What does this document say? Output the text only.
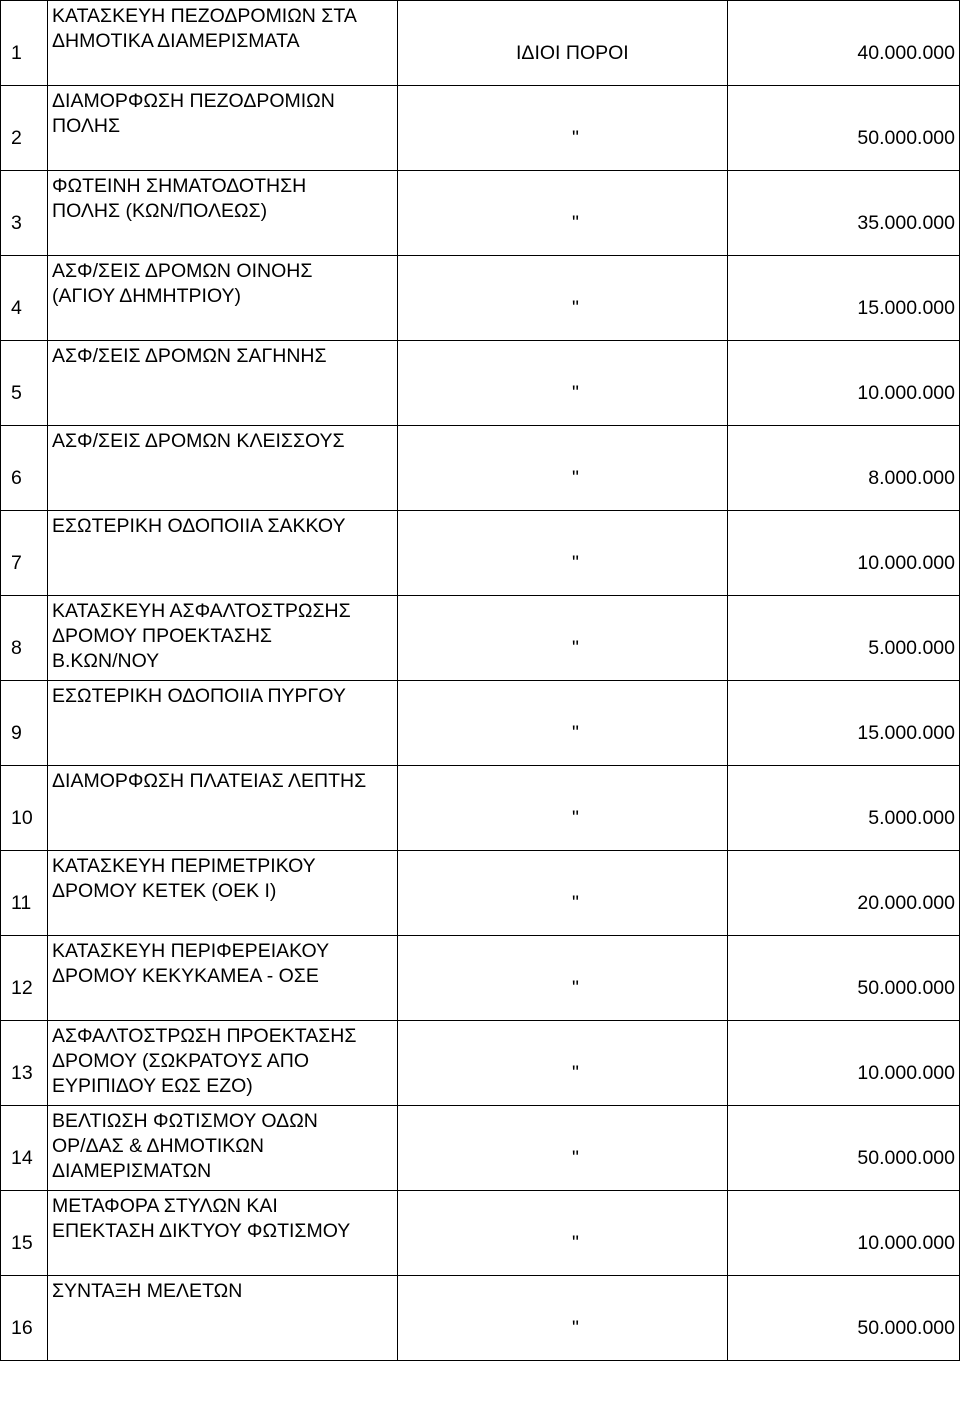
1	ΚΑΤΑΣΚΕΥΗ ΠΕΖΟΔΡΟΜΙΩΝ ΣΤΑ
ΔΗΜΟΤΙΚΑ ΔΙΑΜΕΡΙΣΜΑΤΑ	ΙΔΙΟΙ ΠΟΡΟΙ	40.000.000

2	ΔΙΑΜΟΡΦΩΣΗ ΠΕΖΟΔΡΟΜΙΩΝ
ΠΟΛΗΣ	"	50.000.000

3	ΦΩΤΕΙΝΗ ΣΗΜΑΤΟΔΟΤΗΣΗ
ΠΟΛΗΣ (ΚΩΝ/ΠΟΛΕΩΣ)	"	35.000.000

4	ΑΣΦ/ΣΕΙΣ ΔΡΟΜΩΝ ΟΙΝΟΗΣ
(ΑΓΙΟΥ ΔΗΜΗΤΡΙΟΥ)	"	15.000.000

5	ΑΣΦ/ΣΕΙΣ ΔΡΟΜΩΝ ΣΑΓΗΝΗΣ	"	10.000.000

6	ΑΣΦ/ΣΕΙΣ ΔΡΟΜΩΝ ΚΛΕΙΣΣΟΥΣ	"	8.000.000

7	ΕΣΩΤΕΡΙΚΗ ΟΔΟΠΟΙΙΑ ΣΑΚΚΟΥ	"	10.000.000

8	ΚΑΤΑΣΚΕΥΗ ΑΣΦΑΛΤΟΣΤΡΩΣΗΣ
ΔΡΟΜΟΥ ΠΡΟΕΚΤΑΣΗΣ
Β.ΚΩΝ/ΝΟΥ	"	5.000.000

9	ΕΣΩΤΕΡΙΚΗ ΟΔΟΠΟΙΙΑ ΠΥΡΓΟΥ	"	15.000.000

10	ΔΙΑΜΟΡΦΩΣΗ ΠΛΑΤΕΙΑΣ ΛΕΠΤΗΣ	"	5.000.000

11	ΚΑΤΑΣΚΕΥΗ ΠΕΡΙΜΕΤΡΙΚΟΥ
ΔΡΟΜΟΥ ΚΕΤΕΚ (ΟΕΚ Ι)	"	20.000.000

12	ΚΑΤΑΣΚΕΥΗ ΠΕΡΙΦΕΡΕΙΑΚΟΥ
ΔΡΟΜΟΥ ΚΕΚΥΚΑΜΕΑ - ΟΣΕ	"	50.000.000

13	ΑΣΦΑΛΤΟΣΤΡΩΣΗ ΠΡΟΕΚΤΑΣΗΣ
ΔΡΟΜΟΥ (ΣΩΚΡΑΤΟΥΣ ΑΠΟ
ΕΥΡΙΠΙΔΟΥ ΕΩΣ ΕΖΟ)	"	10.000.000

14	ΒΕΛΤΙΩΣΗ ΦΩΤΙΣΜΟΥ ΟΔΩΝ
ΟΡ/ΔΑΣ & ΔΗΜΟΤΙΚΩΝ
ΔΙΑΜΕΡΙΣΜΑΤΩΝ	"	50.000.000

15	ΜΕΤΑΦΟΡΑ ΣΤΥΛΩΝ ΚΑΙ
ΕΠΕΚΤΑΣΗ ΔΙΚΤΥΟΥ ΦΩΤΙΣΜΟΥ	"	10.000.000

16	ΣΥΝΤΑΞΗ ΜΕΛΕΤΩΝ	"	50.000.000
